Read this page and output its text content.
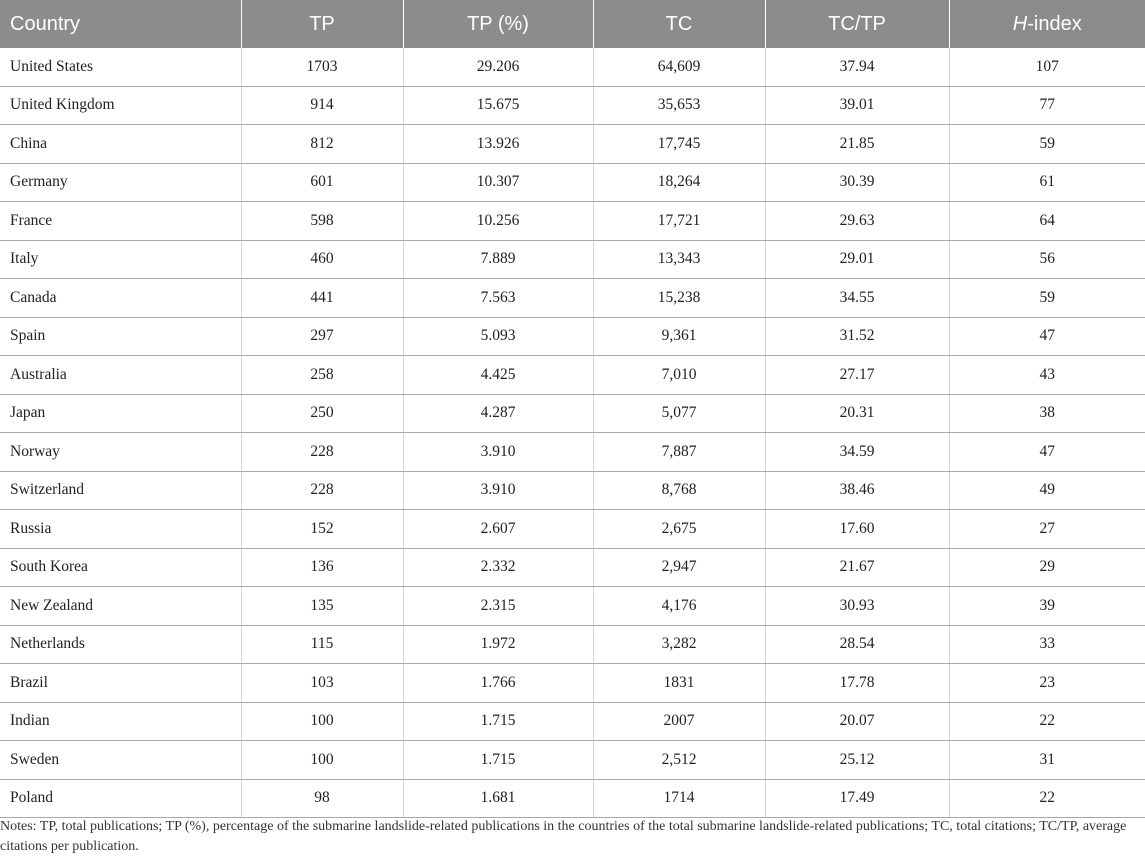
Country	TP	TP (%)	TC	TC/TP	H-index
United States	1703	29.206	64,609	37.94	107
United Kingdom	914	15.675	35,653	39.01	77
China	812	13.926	17,745	21.85	59
Germany	601	10.307	18,264	30.39	61
France	598	10.256	17,721	29.63	64
Italy	460	7.889	13,343	29.01	56
Canada	441	7.563	15,238	34.55	59
Spain	297	5.093	9,361	31.52	47
Australia	258	4.425	7,010	27.17	43
Japan	250	4.287	5,077	20.31	38
Norway	228	3.910	7,887	34.59	47
Switzerland	228	3.910	8,768	38.46	49
Russia	152	2.607	2,675	17.60	27
South Korea	136	2.332	2,947	21.67	29
New Zealand	135	2.315	4,176	30.93	39
Netherlands	115	1.972	3,282	28.54	33
Brazil	103	1.766	1831	17.78	23
Indian	100	1.715	2007	20.07	22
Sweden	100	1.715	2,512	25.12	31
Poland	98	1.681	1714	17.49	22

Notes: TP, total publications; TP (%), percentage of the submarine landslide-related publications in the countries of the total submarine landslide-related publications; TC, total citations; TC/TP, average citations per publication.
